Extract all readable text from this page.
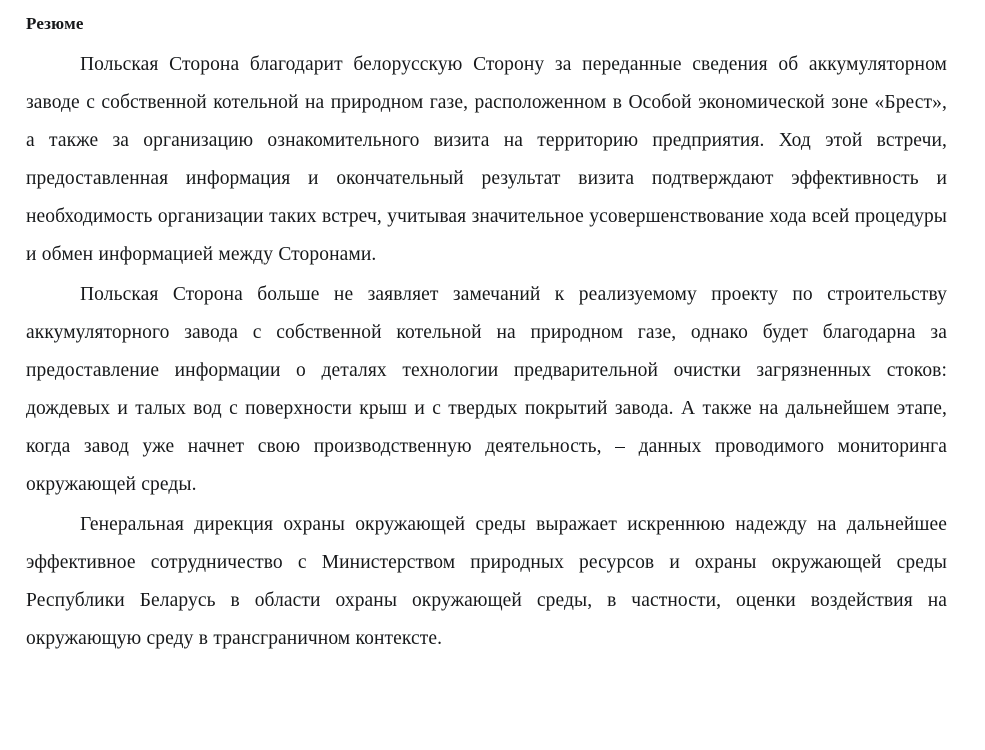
Резюме

Польская Сторона благодарит белорусскую Сторону за переданные сведения об аккумуляторном заводе с собственной котельной на природном газе, расположенном в Особой экономической зоне «Брест», а также за организацию ознакомительного визита на территорию предприятия. Ход этой встречи, предоставленная информация и окончательный результат визита подтверждают эффективность и необходимость организации таких встреч, учитывая значительное усовершенствование хода всей процедуры и обмен информацией между Сторонами.

Польская Сторона больше не заявляет замечаний к реализуемому проекту по строительству аккумуляторного завода с собственной котельной на природном газе, однако будет благодарна за предоставление информации о деталях технологии предварительной очистки загрязненных стоков: дождевых и талых вод с поверхности крыш и с твердых покрытий завода. А также на дальнейшем этапе, когда завод уже начнет свою производственную деятельность, – данных проводимого мониторинга окружающей среды.

Генеральная дирекция охраны окружающей среды выражает искреннюю надежду на дальнейшее эффективное сотрудничество с Министерством природных ресурсов и охраны окружающей среды Республики Беларусь в области охраны окружающей среды, в частности, оценки воздействия на окружающую среду в трансграничном контексте.
